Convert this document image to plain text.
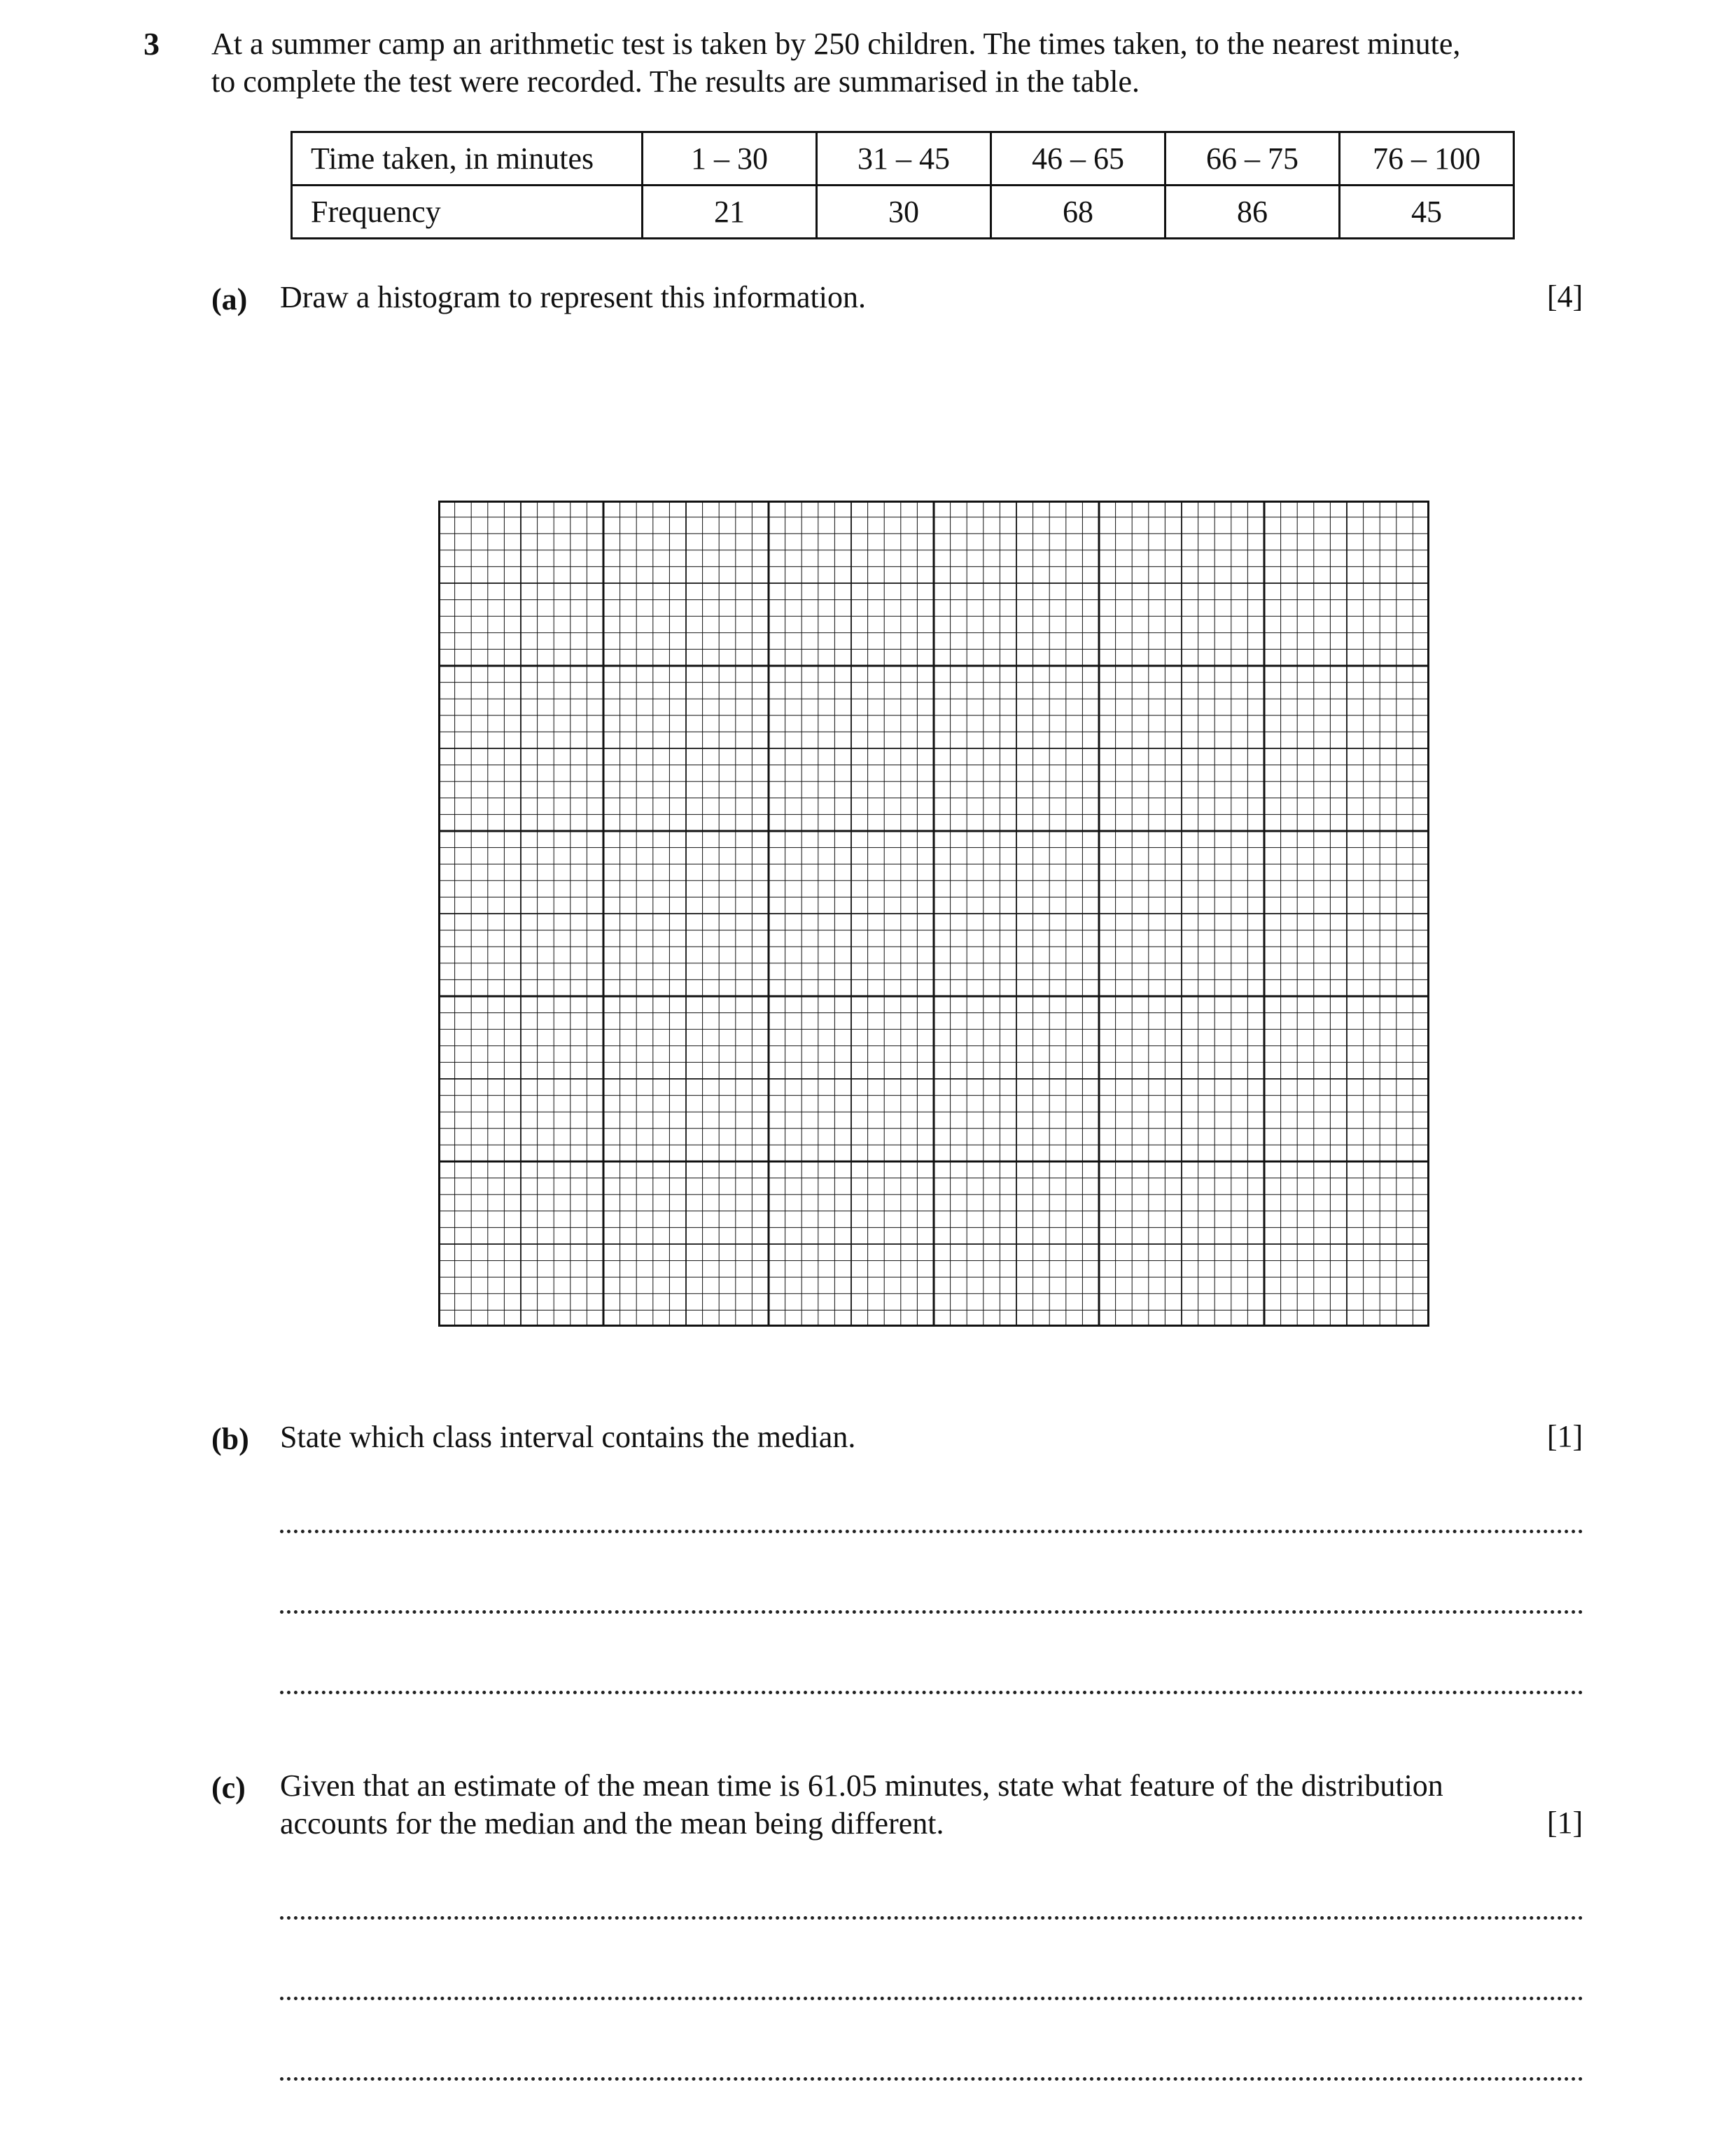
3 At a summer camp an arithmetic test is taken by 250 children. The times taken, to the nearest minute,
to complete the test were recorded. The results are summarised in the table.
Time taken, in minutes	1 – 30	31 – 45	46 – 65	66 – 75	76 – 100
Frequency	21	30	68	86	45
(a) Draw a histogram to represent this information.	[4]
(b) State which class interval contains the median.	[1]
(c) Given that an estimate of the mean time is 61.05 minutes, state what feature of the distribution
accounts for the median and the mean being different.	[1]
